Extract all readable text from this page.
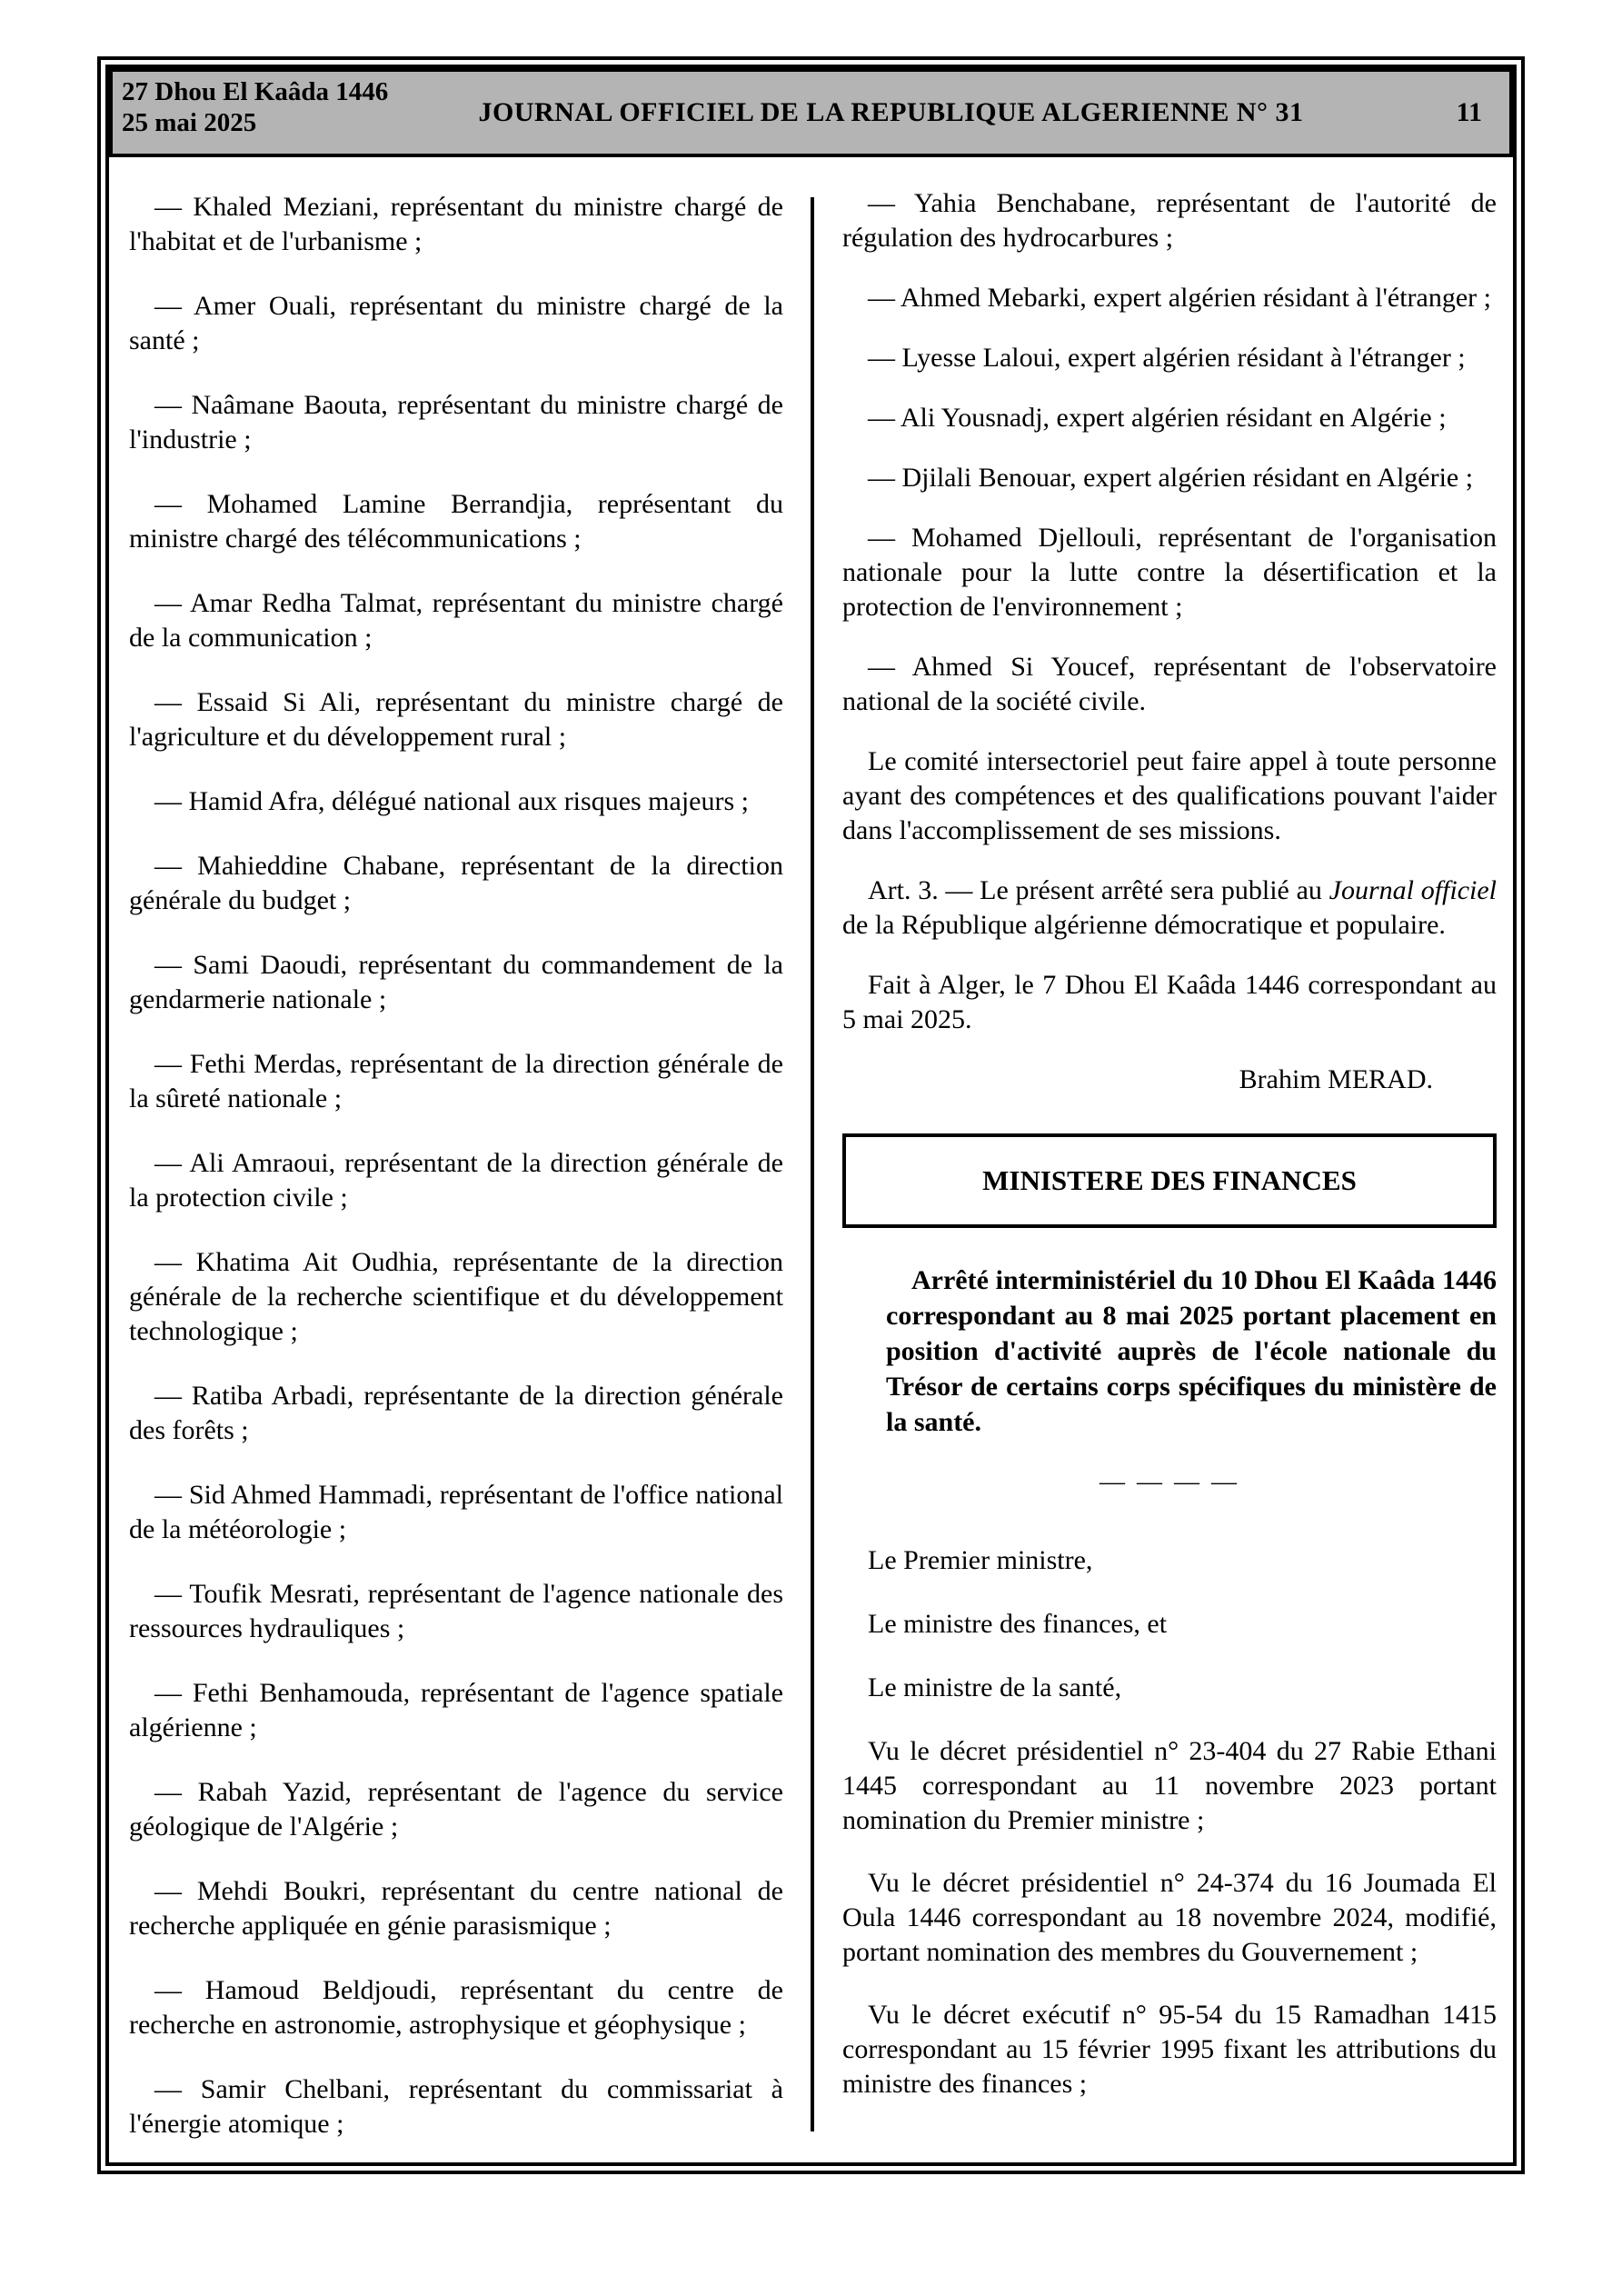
27 Dhou El Kaâda 1446
25 mai 2025	JOURNAL OFFICIEL DE LA REPUBLIQUE ALGERIENNE N° 31	11

— Khaled Meziani, représentant du ministre chargé de l'habitat et de l'urbanisme ;

— Amer Ouali, représentant du ministre chargé de la santé ;

— Naâmane Baouta, représentant du ministre chargé de l'industrie ;

— Mohamed Lamine Berrandjia, représentant du ministre chargé des télécommunications ;

— Amar Redha Talmat, représentant du ministre chargé de la communication ;

— Essaid Si Ali, représentant du ministre chargé de l'agriculture et du développement rural ;

— Hamid Afra, délégué national aux risques majeurs ;

— Mahieddine Chabane, représentant de la direction générale du budget ;

— Sami Daoudi, représentant du commandement de la gendarmerie nationale ;

— Fethi Merdas, représentant de la direction générale de la sûreté nationale ;

— Ali Amraoui, représentant de la direction générale de la protection civile ;

— Khatima Ait Oudhia, représentante de la direction générale de la recherche scientifique et du développement technologique ;

— Ratiba Arbadi, représentante de la direction générale des forêts ;

— Sid Ahmed Hammadi, représentant de l'office national de la météorologie ;

— Toufik Mesrati, représentant de l'agence nationale des ressources hydrauliques ;

— Fethi Benhamouda, représentant de l'agence spatiale algérienne ;

— Rabah Yazid, représentant de l'agence du service géologique de l'Algérie ;

— Mehdi Boukri, représentant du centre national de recherche appliquée en génie parasismique ;

— Hamoud Beldjoudi, représentant du centre de recherche en astronomie, astrophysique et géophysique ;

— Samir Chelbani, représentant du commissariat à l'énergie atomique ;

— Yahia Benchabane, représentant de l'autorité de régulation des hydrocarbures ;

— Ahmed Mebarki, expert algérien résidant à l'étranger ;

— Lyesse Laloui, expert algérien résidant à l'étranger ;

— Ali Yousnadj, expert algérien résidant en Algérie ;

— Djilali Benouar, expert algérien résidant en Algérie ;

— Mohamed Djellouli, représentant de l'organisation nationale pour la lutte contre la désertification et la protection de l'environnement ;

— Ahmed Si Youcef, représentant de l'observatoire national de la société civile.

Le comité intersectoriel peut faire appel à toute personne ayant des compétences et des qualifications pouvant l'aider dans l'accomplissement de ses missions.

Art. 3. — Le présent arrêté sera publié au Journal officiel de la République algérienne démocratique et populaire.

Fait à Alger, le 7 Dhou El Kaâda 1446 correspondant au 5 mai 2025.

Brahim MERAD.

MINISTERE DES FINANCES

Arrêté interministériel du 10 Dhou El Kaâda 1446 correspondant au 8 mai 2025 portant placement en position d'activité auprès de l'école nationale du Trésor de certains corps spécifiques du ministère de la santé.

— — — —

Le Premier ministre,

Le ministre des finances, et

Le ministre de la santé,

Vu le décret présidentiel n° 23-404 du 27 Rabie Ethani 1445 correspondant au 11 novembre 2023 portant nomination du Premier ministre ;

Vu le décret présidentiel n° 24-374 du 16 Joumada El Oula 1446 correspondant au 18 novembre 2024, modifié, portant nomination des membres du Gouvernement ;

Vu le décret exécutif n° 95-54 du 15 Ramadhan 1415 correspondant au 15 février 1995 fixant les attributions du ministre des finances ;
